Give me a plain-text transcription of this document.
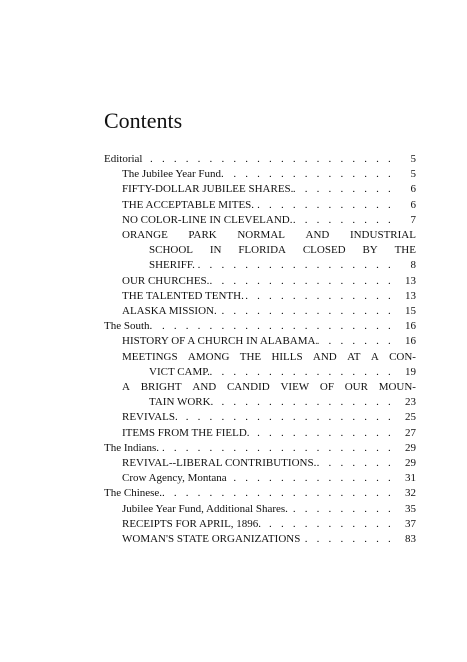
Contents
Editorial . . .	5
The Jubilee Year Fund. . . .	5
FIFTY-DOLLAR JUBILEE SHARES. . . .	6
THE ACCEPTABLE MITES. . . .	6
NO COLOR-LINE IN CLEVELAND. . . .	7
ORANGE PARK NORMAL AND INDUSTRIAL
SCHOOL IN FLORIDA CLOSED BY THE
SHERIFF. . . .	8
OUR CHURCHES. . . .	13
THE TALENTED TENTH. . . .	13
ALASKA MISSION. . . .	15
The South. . . .	16
HISTORY OF A CHURCH IN ALABAMA. . . .	16
MEETINGS AMONG THE HILLS AND AT A CON-
VICT CAMP. . . .	19
A BRIGHT AND CANDID VIEW OF OUR MOUN-
TAIN WORK. . . .	23
REVIVALS. . . .	25
ITEMS FROM THE FIELD. . . .	27
The Indians. . . .	29
REVIVAL--LIBERAL CONTRIBUTIONS. . . .	29
Crow Agency, Montana . . .	31
The Chinese. . . .	32
Jubilee Year Fund, Additional Shares. . . .	35
RECEIPTS FOR APRIL, 1896. . . .	37
WOMAN'S STATE ORGANIZATIONS . . .	83
